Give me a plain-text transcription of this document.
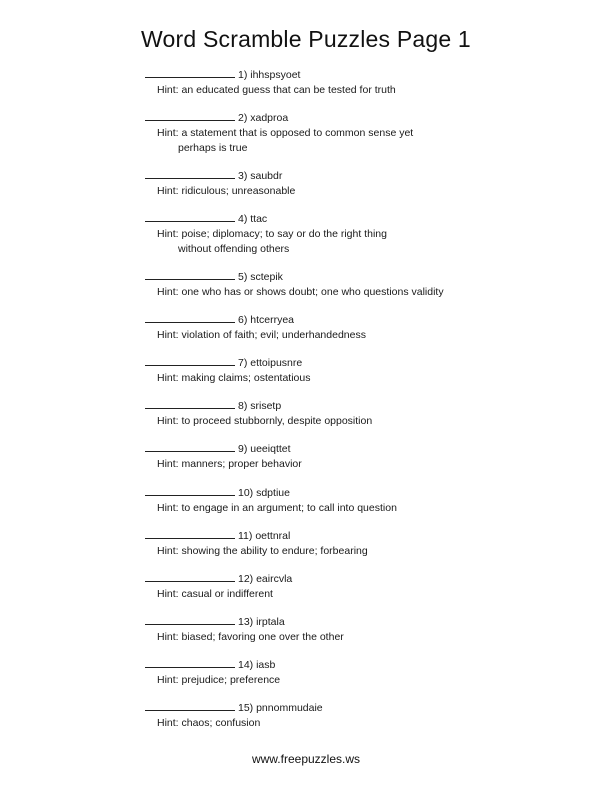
Word Scramble Puzzles Page 1
1) ihhspsyoet
Hint: an educated guess that can be tested for truth
2) xadproa
Hint: a statement that is opposed to common sense yet
perhaps is true
3) saubdr
Hint: ridiculous; unreasonable
4) ttac
Hint: poise; diplomacy; to say or do the right thing
without offending others
5) sctepik
Hint: one who has or shows doubt; one who questions validity
6) htcerryea
Hint: violation of faith; evil; underhandedness
7) ettoipusnre
Hint: making claims; ostentatious
8) srisetp
Hint: to proceed stubbornly, despite opposition
9) ueeiqttet
Hint: manners; proper behavior
10) sdptiue
Hint: to engage in an argument; to call into question
11) oettnral
Hint: showing the ability to endure; forbearing
12) eaircvla
Hint: casual or indifferent
13) irptala
Hint: biased; favoring one over the other
14) iasb
Hint: prejudice; preference
15) pnnommudaie
Hint: chaos; confusion
www.freepuzzles.ws
